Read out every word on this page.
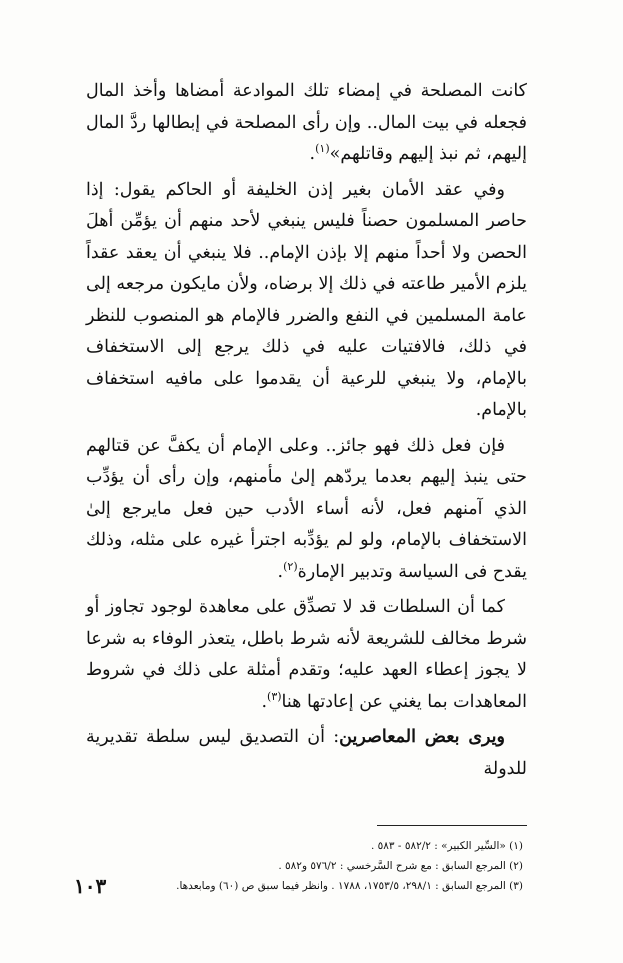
كانت المصلحة في إمضاء تلك الموادعة أمضاها وأخذ المال فجعله في بيت المال.. وإن رأى المصلحة في إبطالها ردَّ المال إليهم، ثم نبذ إليهم وقاتلهم»$^{(١)}$.

وفي عقد الأمان بغير إذن الخليفة أو الحاكم يقول: إذا حاصر المسلمون حصناً فليس ينبغي لأحد منهم أن يؤمِّن أهلَ الحصن ولا أحداً منهم إلا بإذن الإمام.. فلا ينبغي أن يعقد عقداً يلزم الأمير طاعته في ذلك إلا برضاه، ولأن مايكون مرجعه إلى عامة المسلمين في النفع والضرر فالإمام هو المنصوب للنظر في ذلك، فالافتيات عليه في ذلك يرجع إلى الاستخفاف بالإمام، ولا ينبغي للرعية أن يقدموا على مافيه استخفاف بالإمام.

فإن فعل ذلك فهو جائز.. وعلى الإمام أن يكفَّ عن قتالهم حتى ينبذ إليهم بعدما يردّهم إلىٰ مأمنهم، وإن رأى أن يؤدِّب الذي آمنهم فعل، لأنه أساء الأدب حين فعل مايرجع إلىٰ الاستخفاف بالإمام، ولو لم يؤدِّبه اجترأ غيره على مثله، وذلك يقدح فى السياسة وتدبير الإمارة$^{(٢)}$.

كما أن السلطات قد لا تصدِّق على معاهدة لوجود تجاوز أو شرط مخالف للشريعة لأنه شرط باطل، يتعذر الوفاء به شرعا لا يجوز إعطاء العهد عليه؛ وتقدم أمثلة على ذلك في شروط المعاهدات بما يغني عن إعادتها هنا$^{(٣)}$.

ويرى بعض المعاصرين: أن التصديق ليس سلطة تقديرية للدولة

(١) «السِّير الكبير» : ٥٨٢/٢ - ٥٨٣ .
(٢) المرجع السابق : مع شرح السَّرخسي : ٥٧٦/٢ و٥٨٢ .
(٣) المرجع السابق : ٢٩٨/١، ١٧٥٣/٥، ١٧٨٨ . وانظر فيما سبق ص (٦٠) ومابعدها.
١٠٣
